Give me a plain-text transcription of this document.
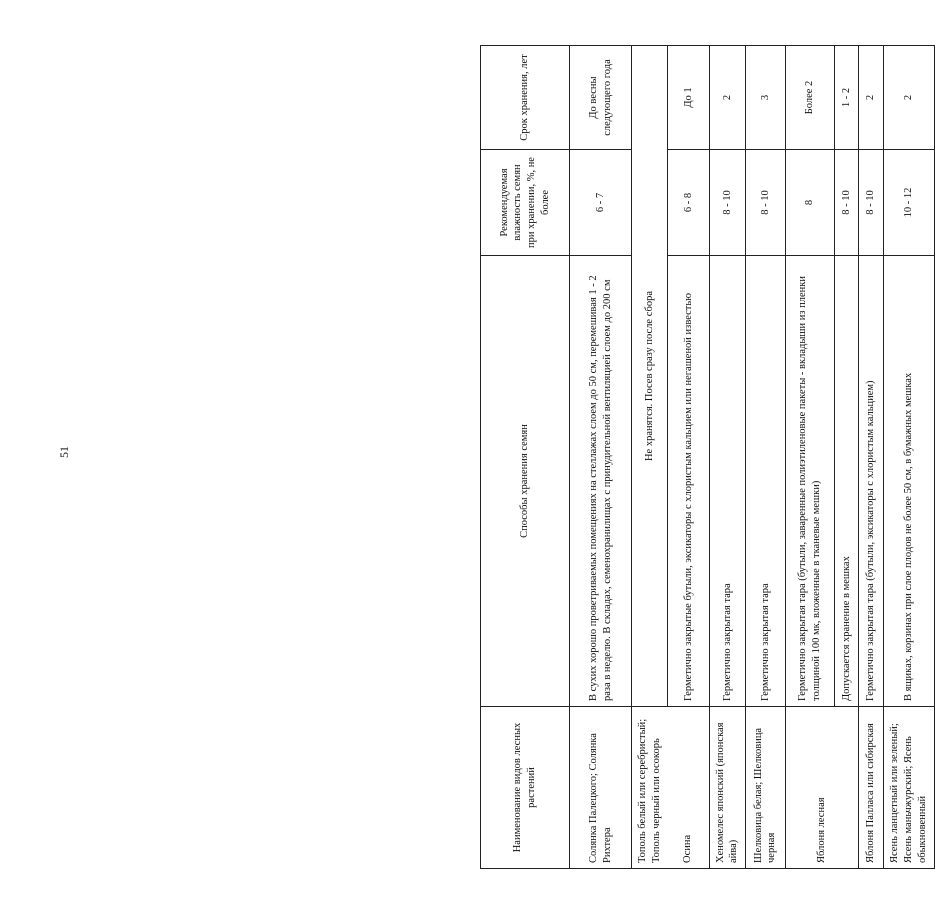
51
Наименование видов лесных растений	Способы хранения семян	Рекомендуемая влажность семян при хранении, %, не более	Срок хранения, лет
Солянка Палецкого; Солянка Рихтера	В сухих хорошо проветриваемых помещениях на стеллажах слоем до 50 см, перемешивая 1 - 2 раза в неделю. В складах, семенохранилищах с принудительной вентиляцией слоем до 200 см	6 - 7	До весны следующего года
Тополь белый или серебристый; Тополь черный или осокорь	Не хранятся. Посев сразу после сбора		
Осина	Герметично закрытые бутыли, эксикаторы с хлористым кальцием или негашеной известью	6 - 8	До 1
Хеномелес японский (японская айва)	Герметично закрытая тара	8 - 10	2
Шелковица белая; Шелковица черная	Герметично закрытая тара	8 - 10	3
Яблоня лесная	Герметично закрытая тара (бутыли, заваренные полиэтиленовые пакеты - вкладыши из пленки толщиной 100 мк, вложенные в тканевые мешки)	8	Более 2
	Допускается хранение в мешках	8 - 10	1 - 2
Яблоня Палласа или сибирская	Герметично закрытая тара (бутыли, эксикаторы с хлористым кальцием)	8 - 10	2
Ясень ланцетный или зеленый; Ясень маньчжурский; Ясень обыкновенный	В ящиках, корзинах при слое плодов не более 50 см, в бумажных мешках	10 - 12	2
